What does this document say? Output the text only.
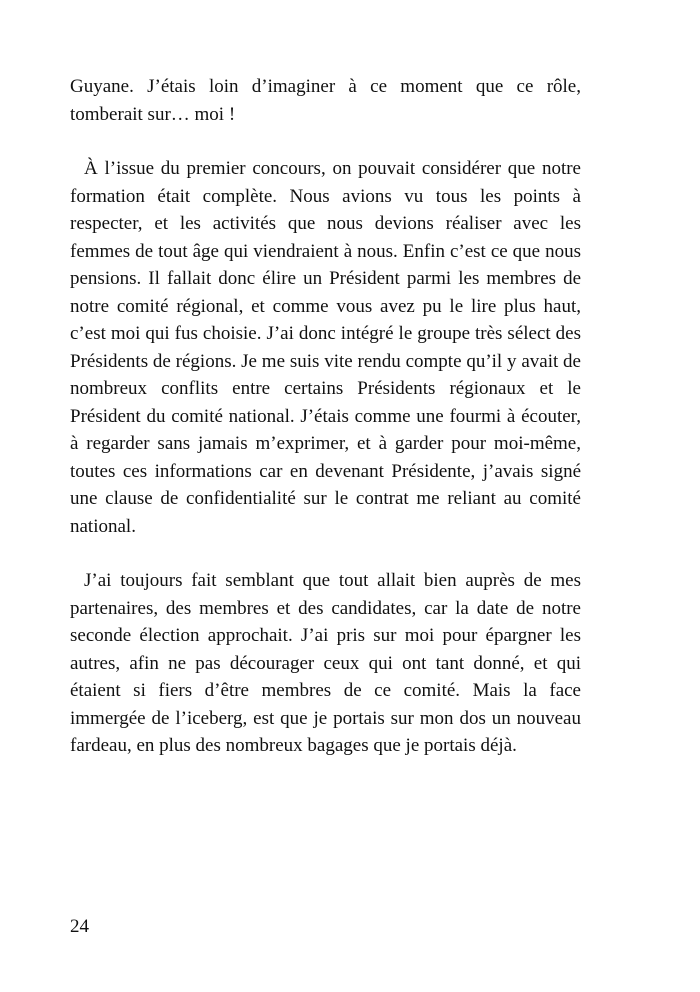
Guyane. J’étais loin d’imaginer à ce moment que ce rôle, tomberait sur… moi !

À l’issue du premier concours, on pouvait considérer que notre formation était complète. Nous avions vu tous les points à respecter, et les activités que nous devions réaliser avec les femmes de tout âge qui viendraient à nous. Enfin c’est ce que nous pensions. Il fallait donc élire un Président parmi les membres de notre comité régional, et comme vous avez pu le lire plus haut, c’est moi qui fus choisie. J’ai donc intégré le groupe très sélect des Présidents de régions. Je me suis vite rendu compte qu’il y avait de nombreux conflits entre certains Présidents régionaux et le Président du comité national. J’étais comme une fourmi à écouter, à regarder sans jamais m’exprimer, et à garder pour moi-même, toutes ces informations car en devenant Présidente, j’avais signé une clause de confidentialité sur le contrat me reliant au comité national.

J’ai toujours fait semblant que tout allait bien auprès de mes partenaires, des membres et des candidates, car la date de notre seconde élection approchait. J’ai pris sur moi pour épargner les autres, afin ne pas décourager ceux qui ont tant donné, et qui étaient si fiers d’être membres de ce comité. Mais la face immergée de l’iceberg, est que je portais sur mon dos un nouveau fardeau, en plus des nombreux bagages que je portais déjà.

24
